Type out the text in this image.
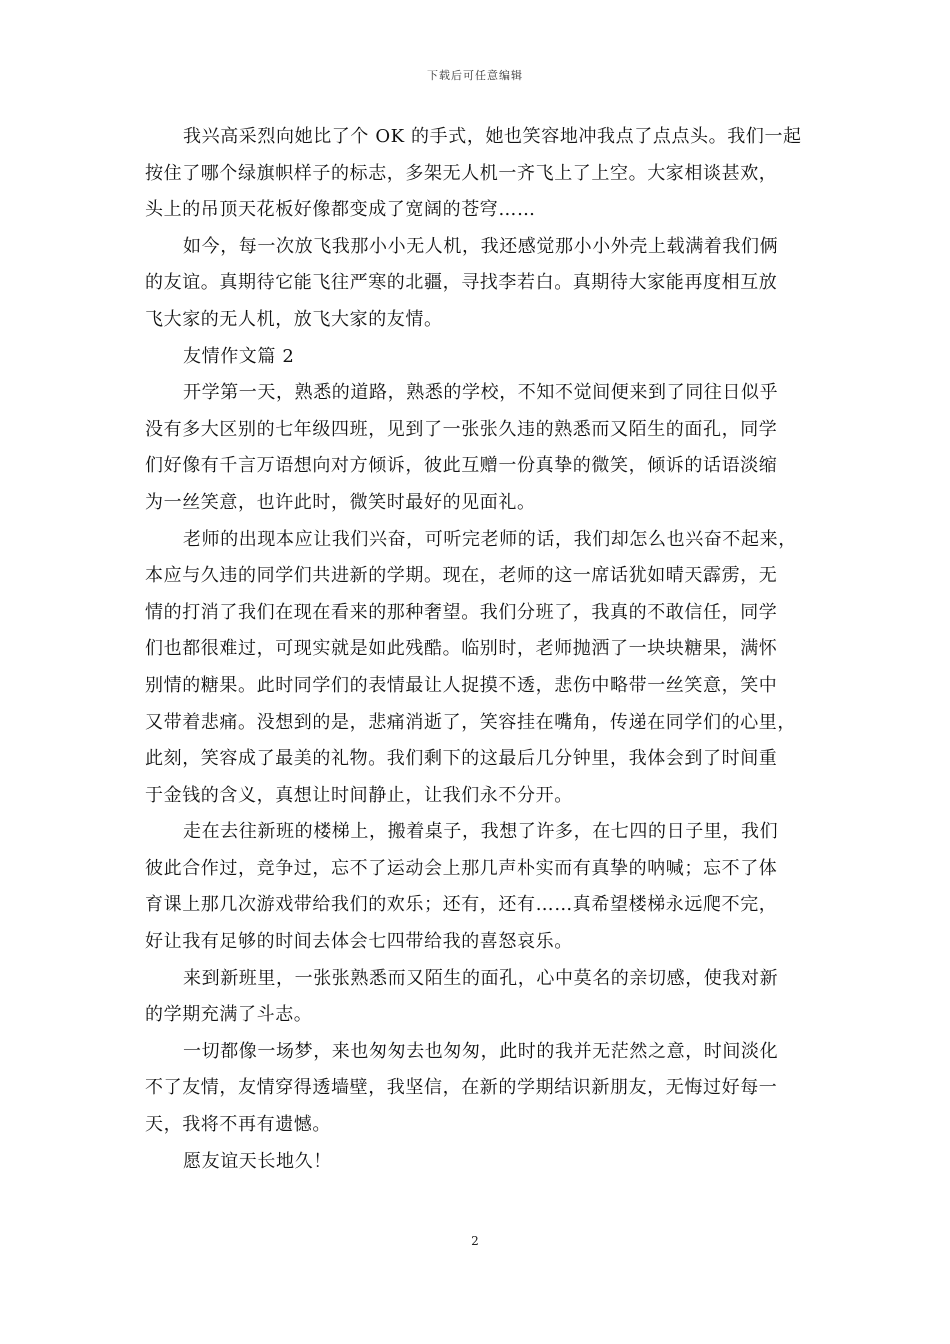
下载后可任意编辑

我兴高采烈向她比了个 OK 的手式，她也笑容地冲我点了点点头。我们一起
按住了哪个绿旗帜样子的标志，多架无人机一齐飞上了上空。大家相谈甚欢，
头上的吊顶天花板好像都变成了宽阔的苍穹……

如今，每一次放飞我那小小无人机，我还感觉那小小外壳上载满着我们俩
的友谊。真期待它能飞往严寒的北疆，寻找李若白。真期待大家能再度相互放
飞大家的无人机，放飞大家的友情。

友情作文篇 2

开学第一天，熟悉的道路，熟悉的学校，不知不觉间便来到了同往日似乎
没有多大区别的七年级四班，见到了一张张久违的熟悉而又陌生的面孔，同学
们好像有千言万语想向对方倾诉，彼此互赠一份真挚的微笑，倾诉的话语淡缩
为一丝笑意，也许此时，微笑时最好的见面礼。

老师的出现本应让我们兴奋，可听完老师的话，我们却怎么也兴奋不起来，
本应与久违的同学们共进新的学期。现在，老师的这一席话犹如晴天霹雳，无
情的打消了我们在现在看来的那种奢望。我们分班了，我真的不敢信任，同学
们也都很难过，可现实就是如此残酷。临别时，老师抛洒了一块块糖果，满怀
别情的糖果。此时同学们的表情最让人捉摸不透，悲伤中略带一丝笑意，笑中
又带着悲痛。没想到的是，悲痛消逝了，笑容挂在嘴角，传递在同学们的心里，
此刻，笑容成了最美的礼物。我们剩下的这最后几分钟里，我体会到了时间重
于金钱的含义，真想让时间静止，让我们永不分开。

走在去往新班的楼梯上，搬着桌子，我想了许多，在七四的日子里，我们
彼此合作过，竞争过，忘不了运动会上那几声朴实而有真挚的呐喊；忘不了体
育课上那几次游戏带给我们的欢乐；还有，还有……真希望楼梯永远爬不完，
好让我有足够的时间去体会七四带给我的喜怒哀乐。

来到新班里，一张张熟悉而又陌生的面孔，心中莫名的亲切感，使我对新
的学期充满了斗志。

一切都像一场梦，来也匆匆去也匆匆，此时的我并无茫然之意，时间淡化
不了友情，友情穿得透墙壁，我坚信，在新的学期结识新朋友，无悔过好每一
天，我将不再有遗憾。

愿友谊天长地久！

2
